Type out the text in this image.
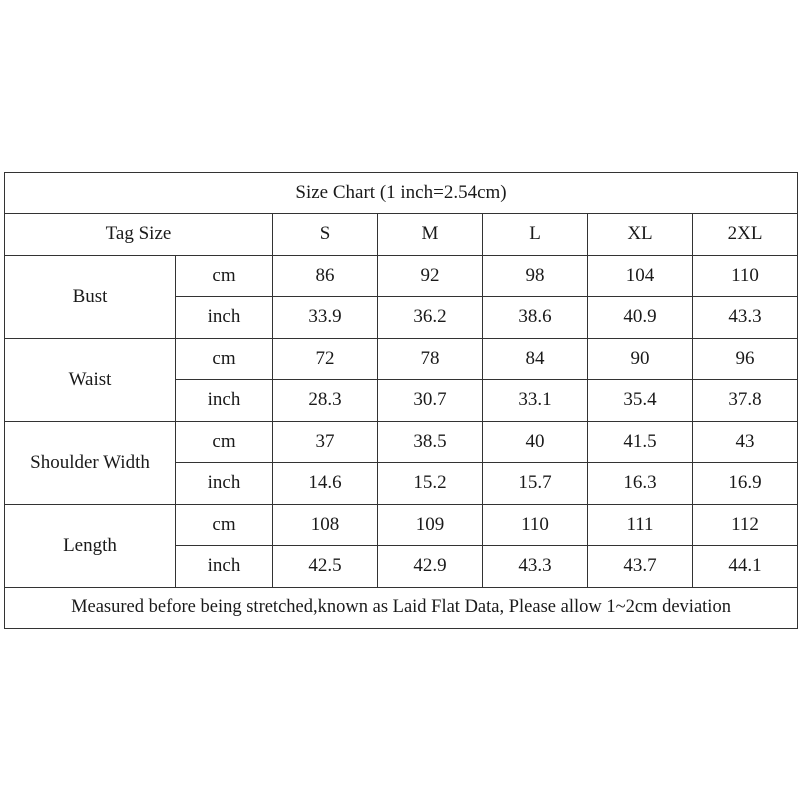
Size Chart (1 inch=2.54cm)						
Tag Size		S	M	L	XL	2XL
Bust	cm	86	92	98	104	110
	inch	33.9	36.2	38.6	40.9	43.3
Waist	cm	72	78	84	90	96
	inch	28.3	30.7	33.1	35.4	37.8
Shoulder Width	cm	37	38.5	40	41.5	43
	inch	14.6	15.2	15.7	16.3	16.9
Length	cm	108	109	110	111	112
	inch	42.5	42.9	43.3	43.7	44.1
Measured before being stretched,known as Laid Flat Data, Please allow 1~2cm deviation						
